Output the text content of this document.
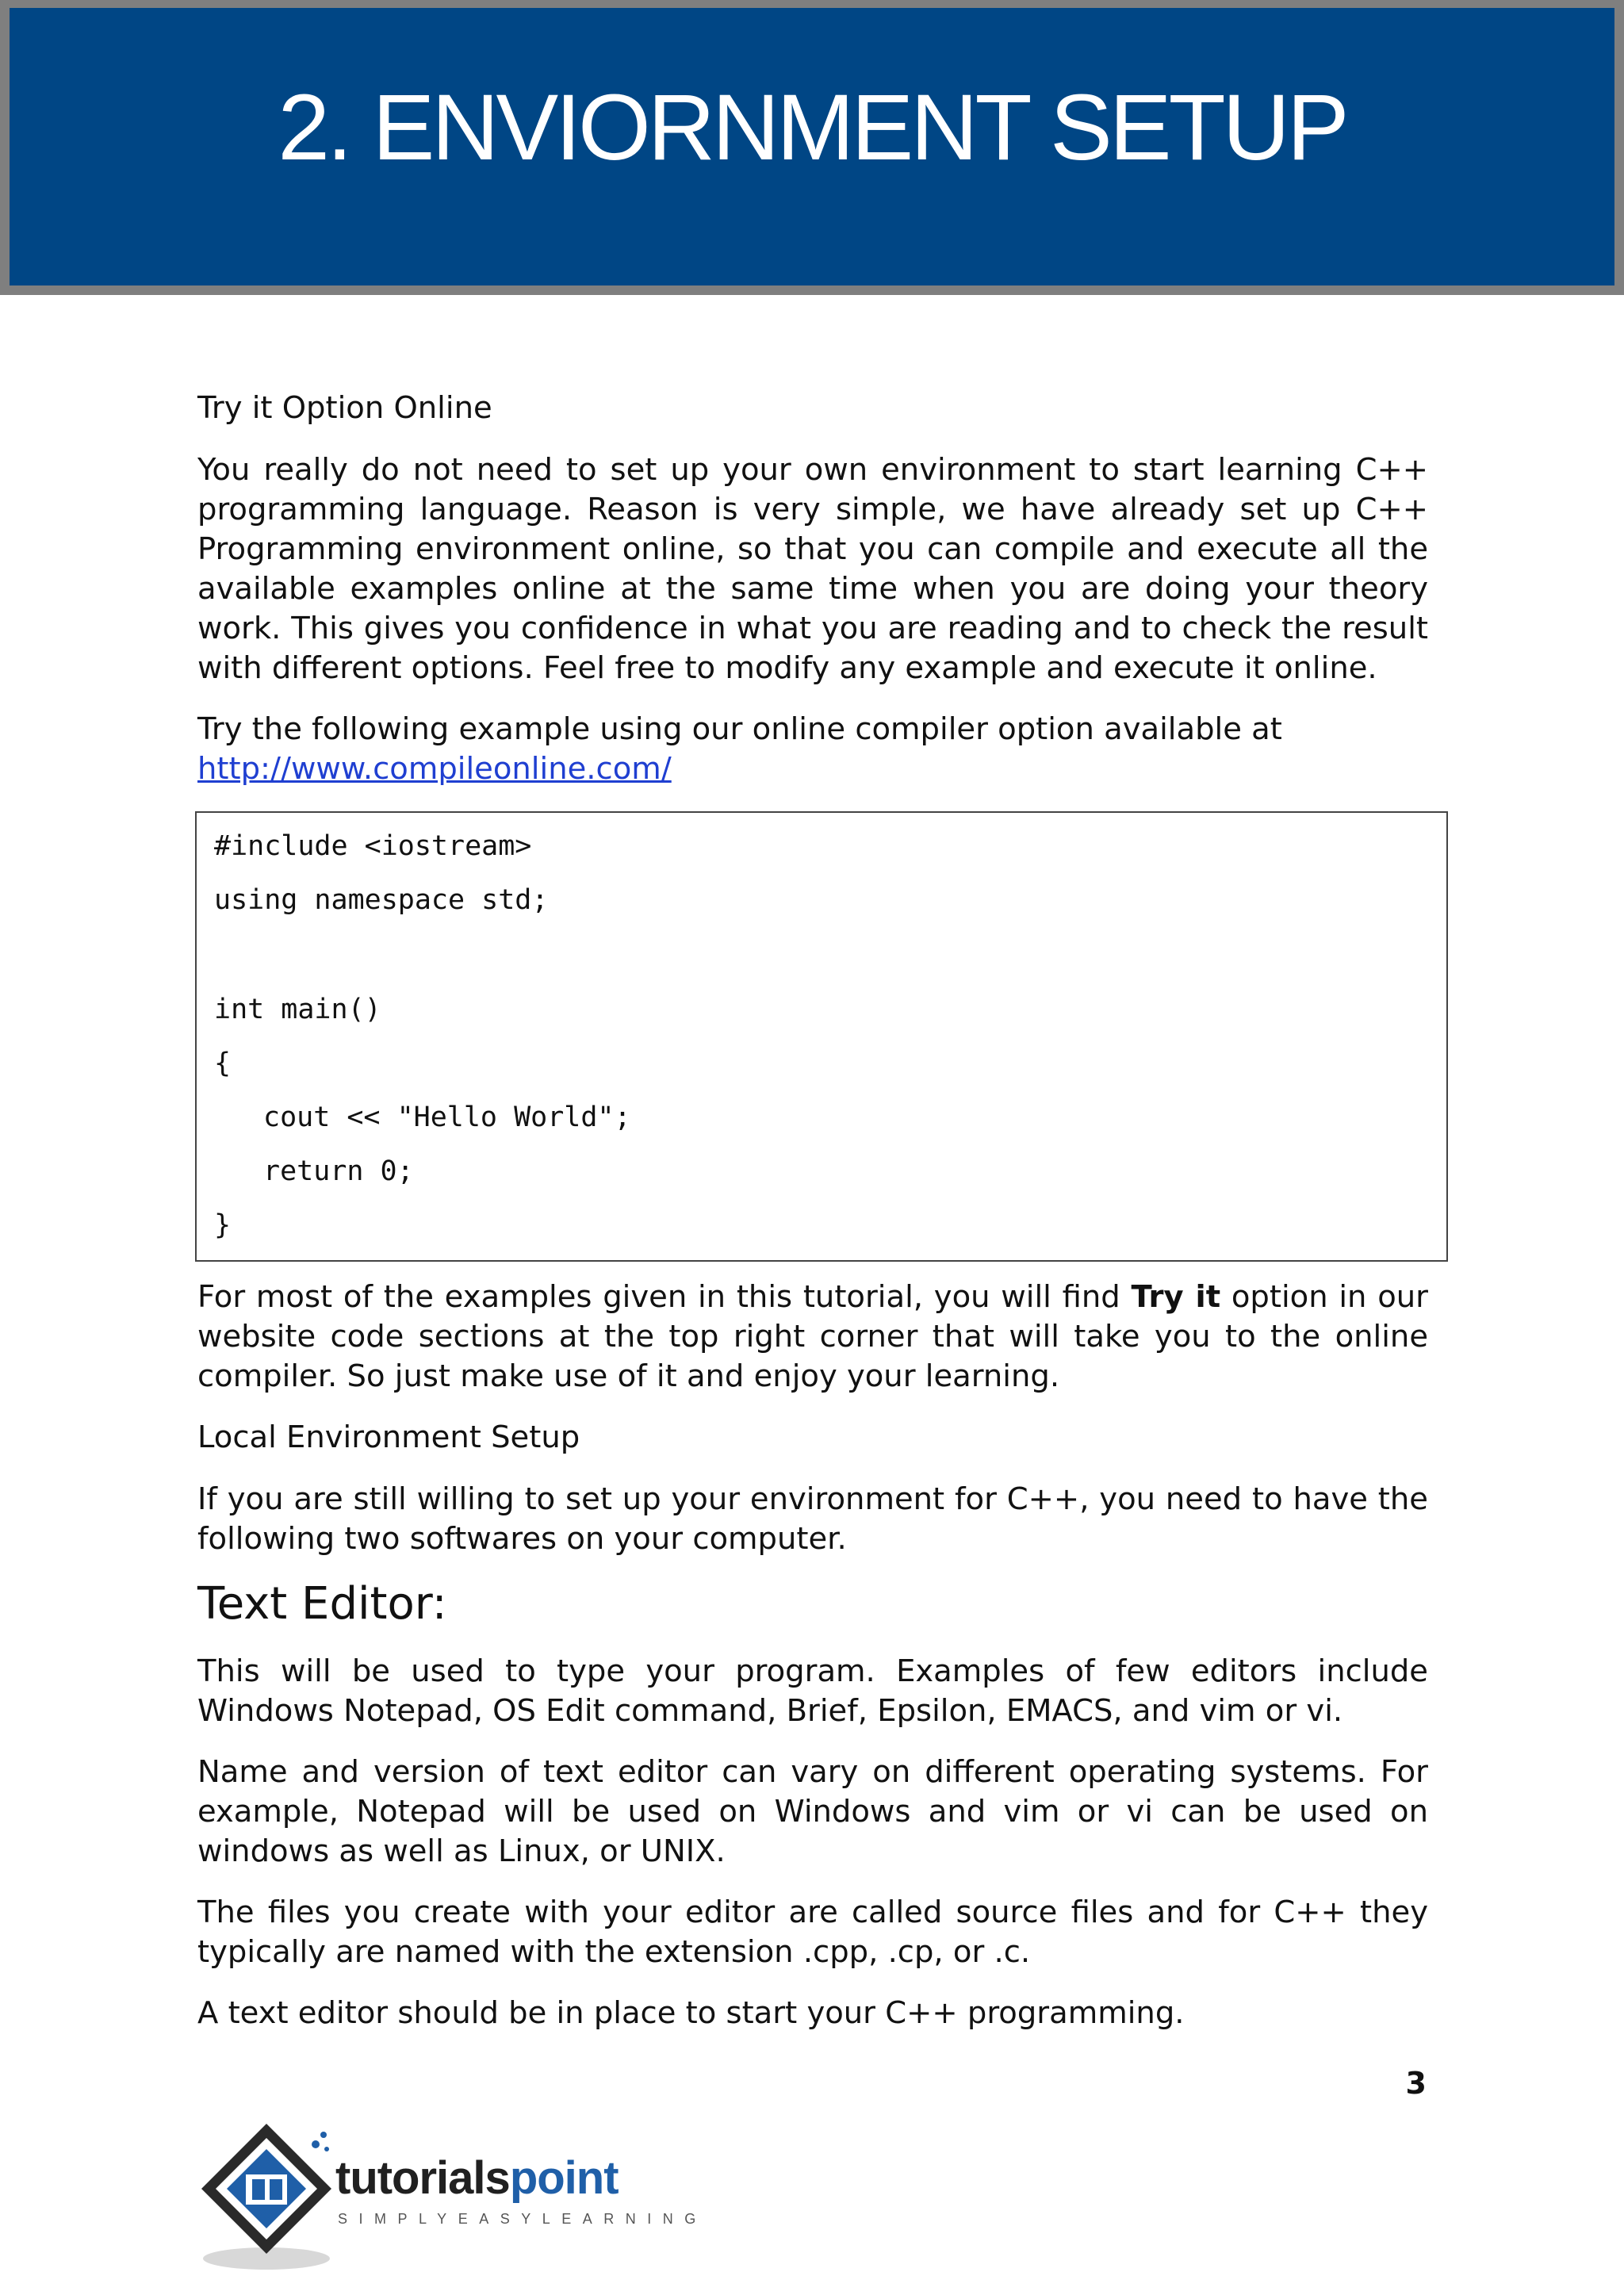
2. ENVIORNMENT SETUP

Try it Option Online

You really do not need to set up your own environment to start learning C++ programming language. Reason is very simple, we have already set up C++ Programming environment online, so that you can compile and execute all the available examples online at the same time when you are doing your theory work. This gives you confidence in what you are reading and to check the result with different options. Feel free to modify any example and execute it online.

Try the following example using our online compiler option available at
http://www.compileonline.com/

#include <iostream>
using namespace std;
int main()
{
cout << "Hello World";
return 0;
}

For most of the examples given in this tutorial, you will find Try it option in our website code sections at the top right corner that will take you to the online compiler. So just make use of it and enjoy your learning.

Local Environment Setup

If you are still willing to set up your environment for C++, you need to have the following two softwares on your computer.

Text Editor:

This will be used to type your program. Examples of few editors include Windows Notepad, OS Edit command, Brief, Epsilon, EMACS, and vim or vi.

Name and version of text editor can vary on different operating systems. For example, Notepad will be used on Windows and vim or vi can be used on windows as well as Linux, or UNIX.

The files you create with your editor are called source files and for C++ they typically are named with the extension .cpp, .cp, or .c.

A text editor should be in place to start your C++ programming.

3
tutorialspoint
SIMPLYEASYLEARNING
